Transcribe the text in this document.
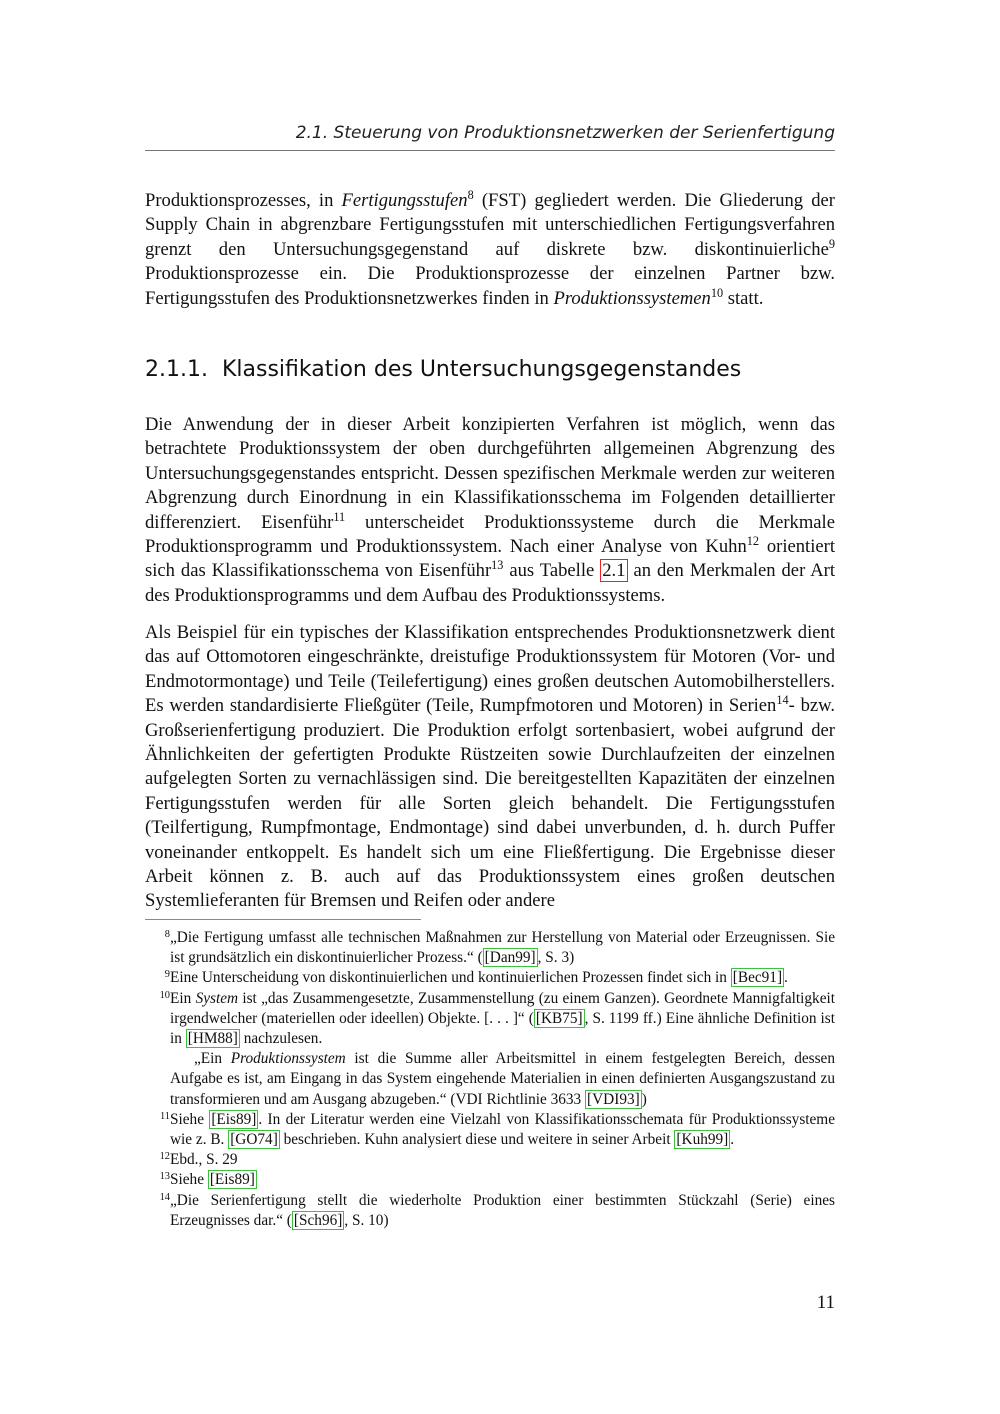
2.1. Steuerung von Produktionsnetzwerken der Serienfertigung

Produktionsprozesses, in Fertigungsstufen$^8$ (FST) gegliedert werden. Die Gliederung der Supply Chain in abgrenzbare Fertigungsstufen mit unterschiedlichen Fertigungsverfahren grenzt den Untersuchungsgegenstand auf diskrete bzw. diskontinuierliche$^9$ Produktionsprozesse ein. Die Produktionsprozesse der einzelnen Partner bzw. Fertigungsstufen des Produktionsnetzwerkes finden in Produktionssystemen$^{10}$ statt.

2.1.1. Klassifikation des Untersuchungsgegenstandes

Die Anwendung der in dieser Arbeit konzipierten Verfahren ist möglich, wenn das betrachtete Produktionssystem der oben durchgeführten allgemeinen Abgrenzung des Untersuchungsgegenstandes entspricht. Dessen spezifischen Merkmale werden zur weiteren Abgrenzung durch Einordnung in ein Klassifikationsschema im Folgenden detaillierter differenziert. Eisenführ$^{11}$ unterscheidet Produktionssysteme durch die Merkmale Produktionsprogramm und Produktionssystem. Nach einer Analyse von Kuhn$^{12}$ orientiert sich das Klassifikationsschema von Eisenführ$^{13}$ aus Tabelle 2.1 an den Merkmalen der Art des Produktionsprogramms und dem Aufbau des Produktionssystems.

Als Beispiel für ein typisches der Klassifikation entsprechendes Produktionsnetzwerk dient das auf Ottomotoren eingeschränkte, dreistufige Produktionssystem für Motoren (Vor- und Endmotormontage) und Teile (Teilefertigung) eines großen deutschen Automobilherstellers. Es werden standardisierte Fließgüter (Teile, Rumpfmotoren und Motoren) in Serien$^{14}$- bzw. Großserienfertigung produziert. Die Produktion erfolgt sortenbasiert, wobei aufgrund der Ähnlichkeiten der gefertigten Produkte Rüstzeiten sowie Durchlaufzeiten der einzelnen aufgelegten Sorten zu vernachlässigen sind. Die bereitgestellten Kapazitäten der einzelnen Fertigungsstufen werden für alle Sorten gleich behandelt. Die Fertigungsstufen (Teilfertigung, Rumpfmontage, Endmontage) sind dabei unverbunden, d. h. durch Puffer voneinander entkoppelt. Es handelt sich um eine Fließfertigung. Die Ergebnisse dieser Arbeit können z. B. auch auf das Produktionssystem eines großen deutschen Systemlieferanten für Bremsen und Reifen oder andere

$^8$ „Die Fertigung umfasst alle technischen Maßnahmen zur Herstellung von Material oder Erzeugnissen. Sie ist grundsätzlich ein diskontinuierlicher Prozess.“ ( [Dan99] , S. 3)
$^9$ Eine Unterscheidung von diskontinuierlichen und kontinuierlichen Prozessen findet sich in [Bec91] .
$^{10}$ Ein System ist „das Zusammengesetzte, Zusammenstellung (zu einem Ganzen). Geordnete Mannigfaltigkeit irgendwelcher (materiellen oder ideellen) Objekte. [. . . ]“ ( [KB75] , S. 1199 ff.) Eine ähnliche Definition ist in [HM88] nachzulesen.
„Ein Produktionssystem ist die Summe aller Arbeitsmittel in einem festgelegten Bereich, dessen Aufgabe es ist, am Eingang in das System eingehende Materialien in einen definierten Ausgangszustand zu transformieren und am Ausgang abzugeben.“ (VDI Richtlinie 3633 [VDI93] )
$^{11}$ Siehe [Eis89] . In der Literatur werden eine Vielzahl von Klassifikationsschemata für Produktionssysteme wie z. B. [GO74] beschrieben. Kuhn analysiert diese und weitere in seiner Arbeit [Kuh99] .
$^{12}$ Ebd., S. 29
$^{13}$ Siehe [Eis89]
$^{14}$ „Die Serienfertigung stellt die wiederholte Produktion einer bestimmten Stückzahl (Serie) eines Erzeugnisses dar.“ ( [Sch96] , S. 10)
11
